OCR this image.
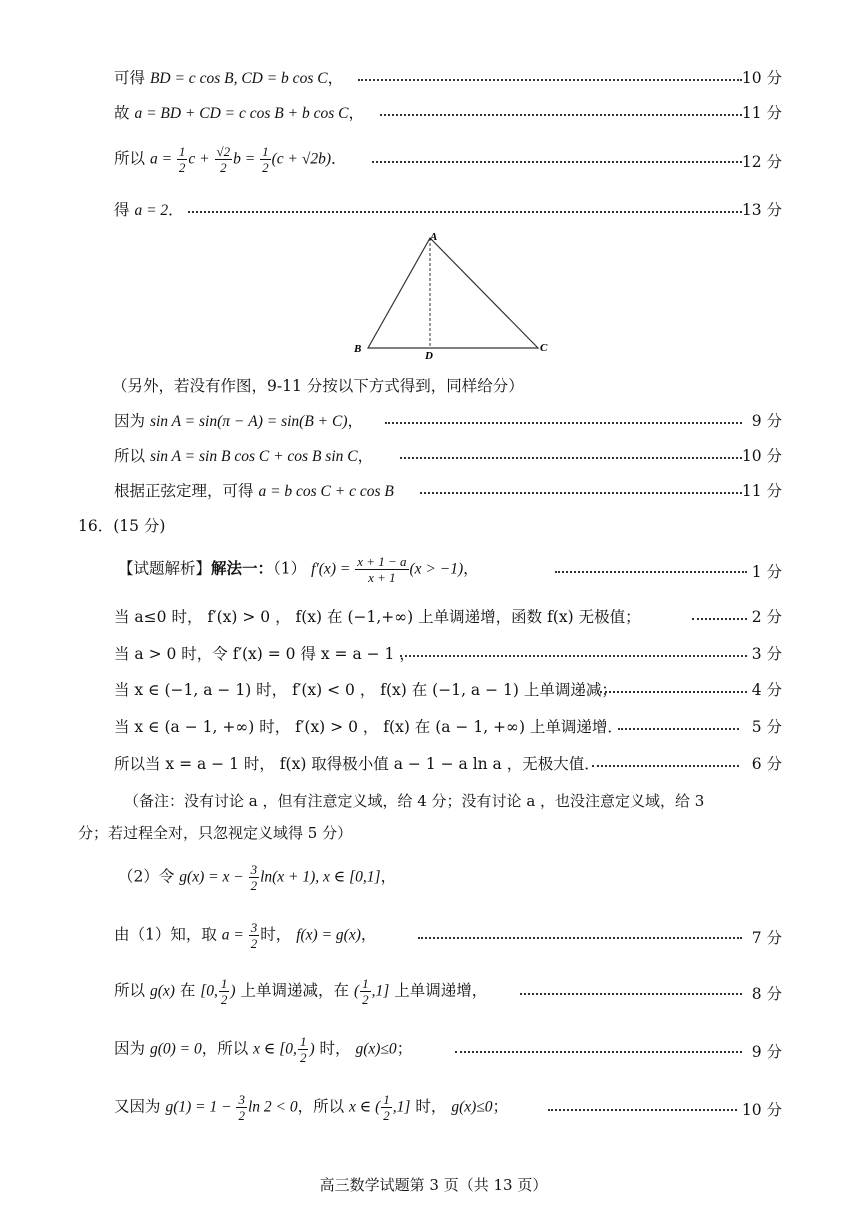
可得 BD = c cos B, CD = b cos C，	10 分
故 a = BD + CD = c cos B + b cos C，	11 分
所以 $a = \frac{1}{2}$ $c + \frac{√2}{2}$ $b = \frac{1}{2} (c + √2b)$．	12 分
得 a = 2．	13 分
A
B	C
D
（另外，若没有作图，9-11 分按以下方式得到，同样给分）
因为 sin A = sin(π − A) = sin(B + C)，	9 分
所以 sin A = sin B cos C + cos B sin C，	10 分
根据正弦定理，可得 a = b cos C + c cos B	11 分
16．(15 分)
【试题解析】解法一：（1） $f'(x) = \frac{x + 1 - a}{x + 1} (x > -1)$，	1 分
当 a≤0 时， f′(x) > 0 ， f(x) 在 (−1,+∞) 上单调递增，函数 f(x) 无极值；	2 分
当 a > 0 时，令 f′(x) = 0 得 x = a − 1 ，	3 分
当 x ∈ (−1, a − 1) 时， f′(x) < 0 ， f(x) 在 (−1, a − 1) 上单调递减；	4 分
当 x ∈ (a − 1, +∞) 时， f′(x) > 0 ， f(x) 在 (a − 1, +∞) 上单调递增．	5 分
所以当 x = a − 1 时， f(x) 取得极小值 a − 1 − a ln a ，无极大值．	6 分
（备注：没有讨论 a ，但有注意定义域，给 4 分；没有讨论 a ，也没注意定义域，给 3
分；若过程全对，只忽视定义域得 5 分）
（2）令 $g(x) = x - \frac{3}{2} \ln(x + 1)$, x ∈ [0,1]，
由（1）知，取 $a = \frac{3}{2}$ 时， f(x) = g(x)，	7 分
所以 g(x) 在 [0, $\frac{1}{2}$ ) 上单调递减，在 ( $\frac{1}{2} ,1$] 上单调递增，	8 分
因为 g(0) = 0，所以 x ∈ [0, $\frac{1}{2}$ ) 时， g(x)≤0；	9 分
又因为 $g(1) = 1 - \frac{3}{2}$ ln 2 < 0，所以 x ∈ ( $\frac{1}{2} ,1$] 时， g(x)≤0；	10 分
高三数学试题第 3 页（共 13 页）
